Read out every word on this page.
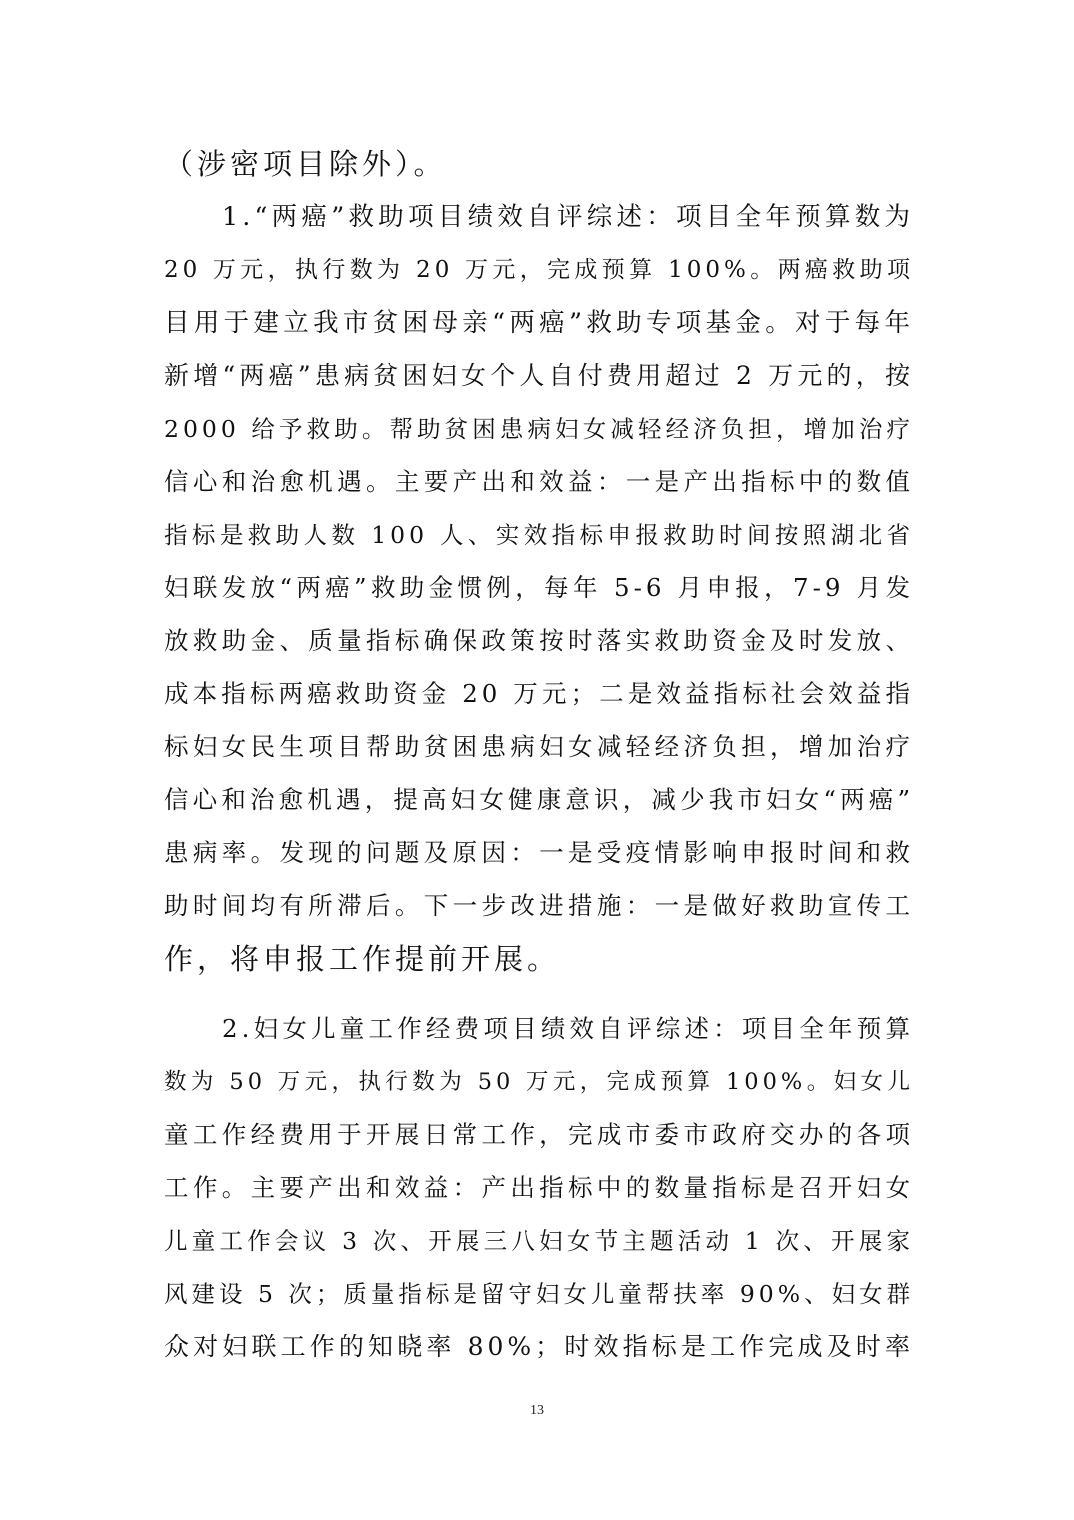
（涉密项目除外）。
1.“两癌”救助项目绩效自评综述：项目全年预算数为
20 万元，执行数为 20 万元，完成预算 100%。两癌救助项
目用于建立我市贫困母亲“两癌”救助专项基金。对于每年
新增“两癌”患病贫困妇女个人自付费用超过 2 万元的，按
2000 给予救助。帮助贫困患病妇女减轻经济负担，增加治疗
信心和治愈机遇。主要产出和效益：一是产出指标中的数值
指标是救助人数 100 人、实效指标申报救助时间按照湖北省
妇联发放“两癌”救助金惯例，每年 5-6 月申报，7-9 月发
放救助金、质量指标确保政策按时落实救助资金及时发放、
成本指标两癌救助资金 20 万元；二是效益指标社会效益指
标妇女民生项目帮助贫困患病妇女减轻经济负担，增加治疗
信心和治愈机遇，提高妇女健康意识，减少我市妇女“两癌”
患病率。发现的问题及原因：一是受疫情影响申报时间和救
助时间均有所滞后。下一步改进措施：一是做好救助宣传工
作，将申报工作提前开展。
2.妇女儿童工作经费项目绩效自评综述：项目全年预算
数为 50 万元，执行数为 50 万元，完成预算 100%。妇女儿
童工作经费用于开展日常工作，完成市委市政府交办的各项
工作。主要产出和效益：产出指标中的数量指标是召开妇女
儿童工作会议 3 次、开展三八妇女节主题活动 1 次、开展家
风建设 5 次；质量指标是留守妇女儿童帮扶率 90%、妇女群
众对妇联工作的知晓率 80%；时效指标是工作完成及时率
13
